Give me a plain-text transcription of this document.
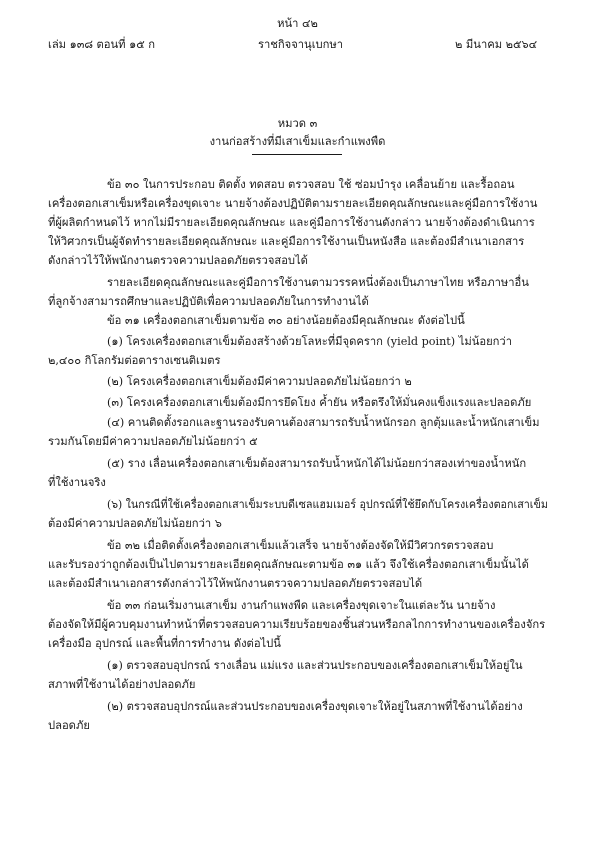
หน้า ๔๒
เล่ม ๑๓๘ ตอนที่ ๑๕ ก	ราชกิจจานุเบกษา	๒ มีนาคม ๒๕๖๔
หมวด ๓
งานก่อสร้างที่มีเสาเข็มและกำแพงพืด
ข้อ ๓๐ ในการประกอบ ติดตั้ง ทดสอบ ตรวจสอบ ใช้ ซ่อมบำรุง เคลื่อนย้าย และรื้อถอน
เครื่องตอกเสาเข็มหรือเครื่องขุดเจาะ นายจ้างต้องปฏิบัติตามรายละเอียดคุณลักษณะและคู่มือการใช้งาน
ที่ผู้ผลิตกำหนดไว้ หากไม่มีรายละเอียดคุณลักษณะ และคู่มือการใช้งานดังกล่าว นายจ้างต้องดำเนินการ
ให้วิศวกรเป็นผู้จัดทำรายละเอียดคุณลักษณะ และคู่มือการใช้งานเป็นหนังสือ และต้องมีสำเนาเอกสาร
ดังกล่าวไว้ให้พนักงานตรวจความปลอดภัยตรวจสอบได้
รายละเอียดคุณลักษณะและคู่มือการใช้งานตามวรรคหนึ่งต้องเป็นภาษาไทย หรือภาษาอื่น
ที่ลูกจ้างสามารถศึกษาและปฏิบัติเพื่อความปลอดภัยในการทำงานได้
ข้อ ๓๑ เครื่องตอกเสาเข็มตามข้อ ๓๐ อย่างน้อยต้องมีคุณลักษณะ ดังต่อไปนี้
(๑) โครงเครื่องตอกเสาเข็มต้องสร้างด้วยโลหะที่มีจุดคราก (yield point) ไม่น้อยกว่า
๒,๔๐๐ กิโลกรัมต่อตารางเซนติเมตร
(๒) โครงเครื่องตอกเสาเข็มต้องมีค่าความปลอดภัยไม่น้อยกว่า ๒
(๓) โครงเครื่องตอกเสาเข็มต้องมีการยึดโยง ค้ำยัน หรือตรึงให้มั่นคงแข็งแรงและปลอดภัย
(๔) คานติดตั้งรอกและฐานรองรับคานต้องสามารถรับน้ำหนักรอก ลูกตุ้มและน้ำหนักเสาเข็ม
รวมกันโดยมีค่าความปลอดภัยไม่น้อยกว่า ๕
(๕) ราง เลื่อนเครื่องตอกเสาเข็มต้องสามารถรับน้ำหนักได้ไม่น้อยกว่าสองเท่าของน้ำหนัก
ที่ใช้งานจริง
(๖) ในกรณีที่ใช้เครื่องตอกเสาเข็มระบบดีเซลแฮมเมอร์ อุปกรณ์ที่ใช้ยึดกับโครงเครื่องตอกเสาเข็ม
ต้องมีค่าความปลอดภัยไม่น้อยกว่า ๖
ข้อ ๓๒ เมื่อติดตั้งเครื่องตอกเสาเข็มแล้วเสร็จ นายจ้างต้องจัดให้มีวิศวกรตรวจสอบ
และรับรองว่าถูกต้องเป็นไปตามรายละเอียดคุณลักษณะตามข้อ ๓๑ แล้ว จึงใช้เครื่องตอกเสาเข็มนั้นได้
และต้องมีสำเนาเอกสารดังกล่าวไว้ให้พนักงานตรวจความปลอดภัยตรวจสอบได้
ข้อ ๓๓ ก่อนเริ่มงานเสาเข็ม งานกำแพงพืด และเครื่องขุดเจาะในแต่ละวัน นายจ้าง
ต้องจัดให้มีผู้ควบคุมงานทำหน้าที่ตรวจสอบความเรียบร้อยของชิ้นส่วนหรือกลไกการทำงานของเครื่องจักร
เครื่องมือ อุปกรณ์ และพื้นที่การทำงาน ดังต่อไปนี้
(๑) ตรวจสอบอุปกรณ์ รางเลื่อน แม่แรง และส่วนประกอบของเครื่องตอกเสาเข็มให้อยู่ใน
สภาพที่ใช้งานได้อย่างปลอดภัย
(๒) ตรวจสอบอุปกรณ์และส่วนประกอบของเครื่องขุดเจาะให้อยู่ในสภาพที่ใช้งานได้อย่าง
ปลอดภัย
